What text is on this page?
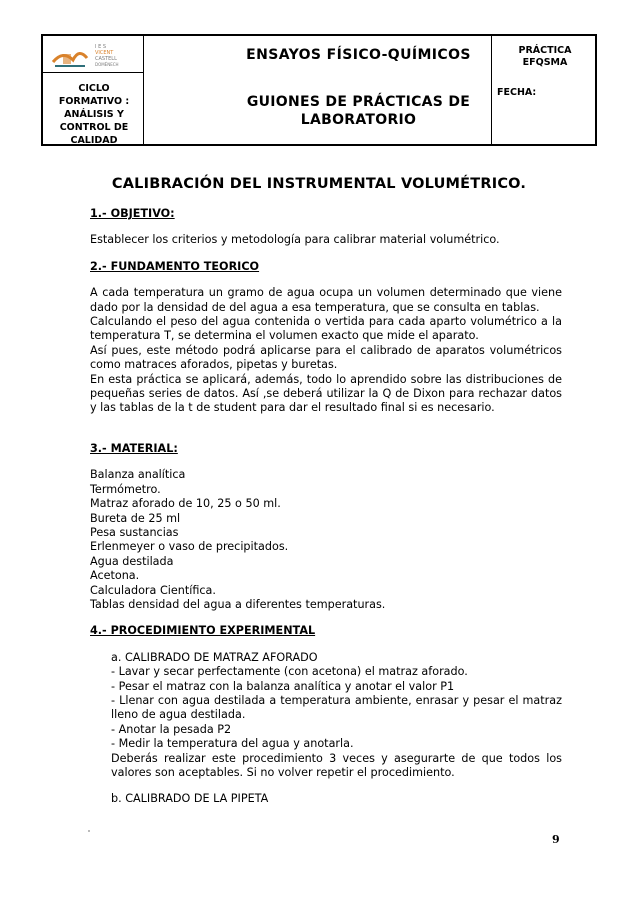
I E S
VICENT
CASTELL
DOMÉNECH
ENSAYOS FÍSICO-QUÍMICOS	PRÁCTICA
EFQSMA
CICLO
FORMATIVO :
ANÁLISIS Y
CONTROL DE
CALIDAD
GUIONES DE PRÁCTICAS DE
LABORATORIO
FECHA:
CALIBRACIÓN DEL INSTRUMENTAL VOLUMÉTRICO.

1.- OBJETIVO:

Establecer los criterios y metodología para calibrar material volumétrico.

2.- FUNDAMENTO TEORICO

A cada temperatura un gramo de agua ocupa un volumen determinado que viene dado por la densidad de del agua a esa temperatura, que se consulta en tablas.

Calculando el peso del agua contenida o vertida para cada aparto volumétrico a la temperatura T, se determina el volumen exacto que mide el aparato.

Así pues, este método podrá aplicarse para el calibrado de aparatos volumétricos como matraces aforados, pipetas y buretas.

En esta práctica se aplicará, además, todo lo aprendido sobre las distribuciones de pequeñas series de datos. Así ,se deberá utilizar la Q de Dixon para rechazar datos y las tablas de la t de student para dar el resultado final si es necesario.

3.- MATERIAL:

Balanza analítica

Termómetro.

Matraz aforado de 10, 25 o 50 ml.

Bureta de 25 ml

Pesa sustancias

Erlenmeyer o vaso de precipitados.

Agua destilada

Acetona.

Calculadora Científica.

Tablas densidad del agua a diferentes temperaturas.

4.- PROCEDIMIENTO EXPERIMENTAL

a. CALIBRADO DE MATRAZ AFORADO

- Lavar y secar perfectamente (con acetona) el matraz aforado.

- Pesar el matraz con la balanza analítica y anotar el valor P1

- Llenar con agua destilada a temperatura ambiente, enrasar y pesar el matraz lleno de agua destilada.

- Anotar la pesada P2

- Medir la temperatura del agua y anotarla.

Deberás realizar este procedimiento 3 veces y asegurarte de que todos los valores son aceptables. Si no volver repetir el procedimiento.

b. CALIBRADO DE LA PIPETA

9
